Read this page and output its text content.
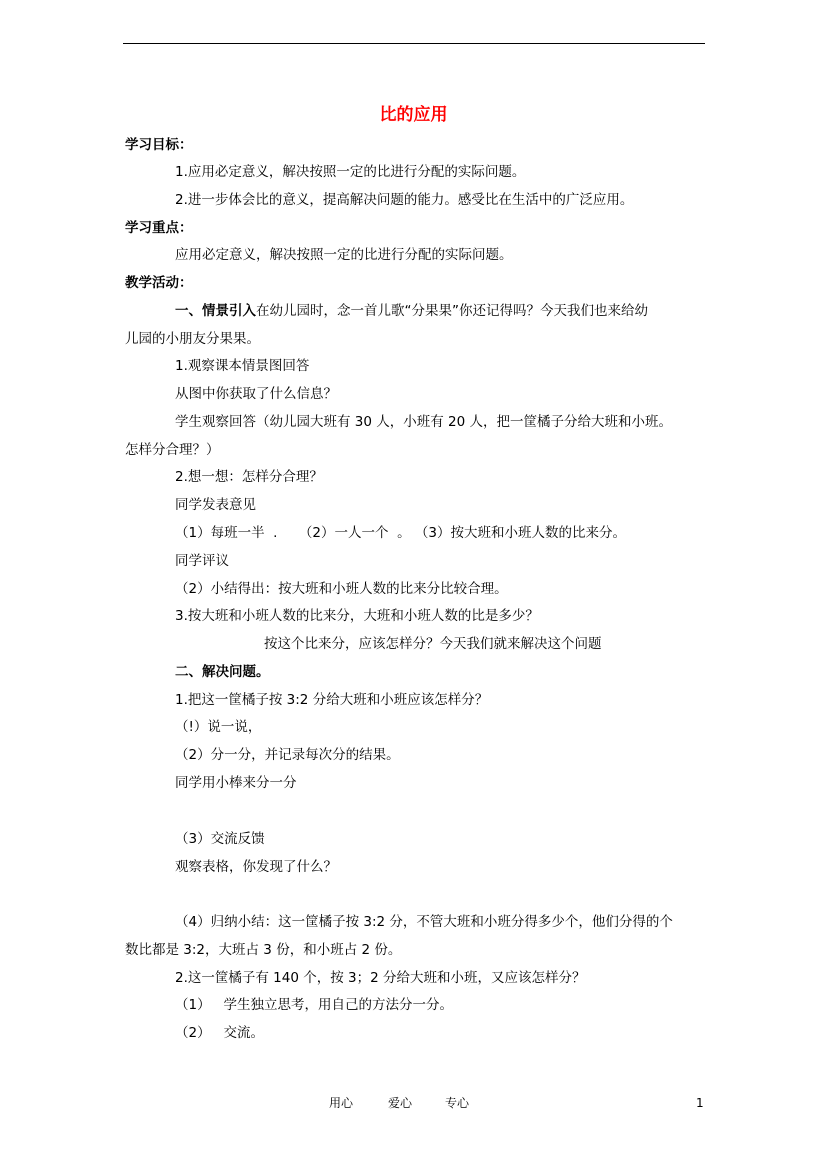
比的应用
学习目标：
1.应用必定意义，解决按照一定的比进行分配的实际问题。
2.进一步体会比的意义，提高解决问题的能力。感受比在生活中的广泛应用。
学习重点：
应用必定意义，解决按照一定的比进行分配的实际问题。
教学活动：
一、情景引入在幼儿园时，念一首儿歌“分果果”你还记得吗？今天我们也来给幼
儿园的小朋友分果果。
1.观察课本情景图回答
从图中你获取了什么信息？
学生观察回答（幼儿园大班有 30 人，小班有 20 人，把一筐橘子分给大班和小班。
怎样分合理？）
2.想一想：怎样分合理？
同学发表意见
（1）每班一半  .     （2）一人一个  。 （3）按大班和小班人数的比来分。
同学评议
（2）小结得出：按大班和小班人数的比来分比较合理。
3.按大班和小班人数的比来分，大班和小班人数的比是多少？
按这个比来分，应该怎样分？今天我们就来解决这个问题
二、解决问题。
1.把这一筐橘子按 3:2 分给大班和小班应该怎样分？
（!）说一说，
（2）分一分，并记录每次分的结果。
同学用小棒来分一分
（3）交流反馈
观察表格，你发现了什么？
（4）归纳小结：这一筐橘子按 3:2 分，不管大班和小班分得多少个，他们分得的个
数比都是 3:2，大班占 3 份，和小班占 2 份。
2.这一筐橘子有 140 个，按 3；2 分给大班和小班，又应该怎样分？
（1）   学生独立思考，用自己的方法分一分。
（2）   交流。
用心	爱心	专心	1
